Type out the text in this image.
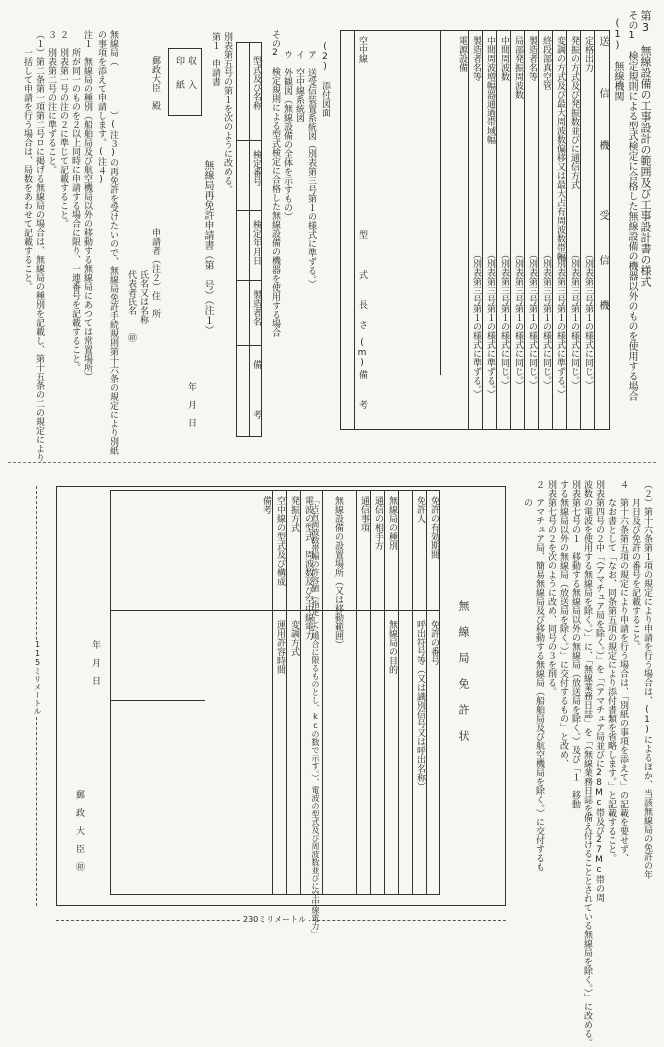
第3　無線設備の工事設計の範囲及び工事設計書の様式
その1　検定規則による型式検定に合格した無線設備の機器以外のものを使用する場合
(1)　無線機関
送
信
機
受
信
機
定格出力
発振の方式及び発振数並びに通信方式
変調の方式及び最大周波数偏移又は最大占有周波数帯幅
終段部真空管
製造者名等
局部発振周波数
中間周波数
中間周波増幅器通過帯域幅
製造者名等
（別表第三号第１の様式に同じ。）
（別表第三号第１の様式に同じ。）
（別表第三号第１の様式に準ずる。）
（別表第三号第１の様式に同じ。）
（別表第三号第１の様式に同じ。）
（別表第三号第１の様式に同じ。）
（別表第三号第１の様式に同じ。）
（別表第三号第１の様式に準ずる。）
（別表第三号第１の様式に準ずる。）
電源設備
空中線
型
式
長
さ
(m)
備
考
(2)　添付図面
ア　送受信装置系統図（別表第三号第１の様式に準ずる。）
イ　空中線系統図
ウ　外観図（無線設備の全体を示すもの）
その2　検定規則による型式検定に合格した無線設備の機器を使用する場合
型式及び名称
検定番号
検定年月日
製造者名
備
考
別表第五号の第１を次のように改める。
第１　申請書
収
入
印
紙
無線局再免許申請書（第　号）（注１）
年　月　日
郵政大臣　殿
申請者（注２）住　所
氏名又は名称
代表者氏名　　㊞
無線局（　　　　　）(注３)の再免許を受けたいので、無線局免許手続規則第十六条の規定により別紙
の事項を添えて申請します。(注４)
注１　無線局の種別（船舶局及び航空機局以外の移動する無線局にあつては常置場所）
　　所が同一のものを２以上同時に申請する場合に限り、一連番号を記載すること。
２　別表第一号の注の２に準じて記載すること。
３　別表第二号の注に準ずること。
（１）第二条第一項第二号ロに掲げる無線局の場合は、無線局の種別を記載し、第十五条の二の規定により
　　一括して申請を行う場合は、局数をあわせて記載すること。
（２）第十六条第１項の規定により申請を行う場合は、(1)によるほか、当該無線局の免許の年
　　月日及び免許の番号を記載すること。
４　第十六条第五項の規定により申請を行う場合は、「別紙の事項を添えて」の記載を要せず、
　　なお書として「なお、同条第五項の規定により添付書類を省略します。」と記載すること。
別表第四号の２中「（アマチュア局を除く。）」を「（アマチュア局並びに28Mc帯及び27Mc帯の周
波数の電波を使用する無線局を除く。）」に、「無線業務日誌」を「（無線業務日誌を備え付けることとされている無線局を除く。）」に改める。
別表第七号の１　移動する無線局以外の無線局（放送局を除く。）及び「１　移動
する無線局以外の無線局（放送局を除く。）」に交付するもの」と改め、
別表第七号の２を次のように改め、同号の３を削る。
２　アマチュア局、簡易無線局及び移動する無線局（船舶局及び航空機局を除く。）に交付するも
　　の
無　線　局　免　許　状
免許の有効期間
免許人
無線局の種別
通信の相手方
通信事項
無線設備の設置場所（又は移動範囲）
電波の型式、周波数及び空中線電力
発振方式
空中線の型式及び構成
備考
免許の番号
無線局の目的 呼出符号等（又は識別信号又は呼出名称）
「占有周波数帯幅の許容値（指定した場合に限るものとし、kcの数で示す。）、電波の型式及び周波数並びに空中線電力」
変調方式
運用許容時間
年　月　日
郵　政　大　臣　㊞
115ミリメートル
230ミリメートル
